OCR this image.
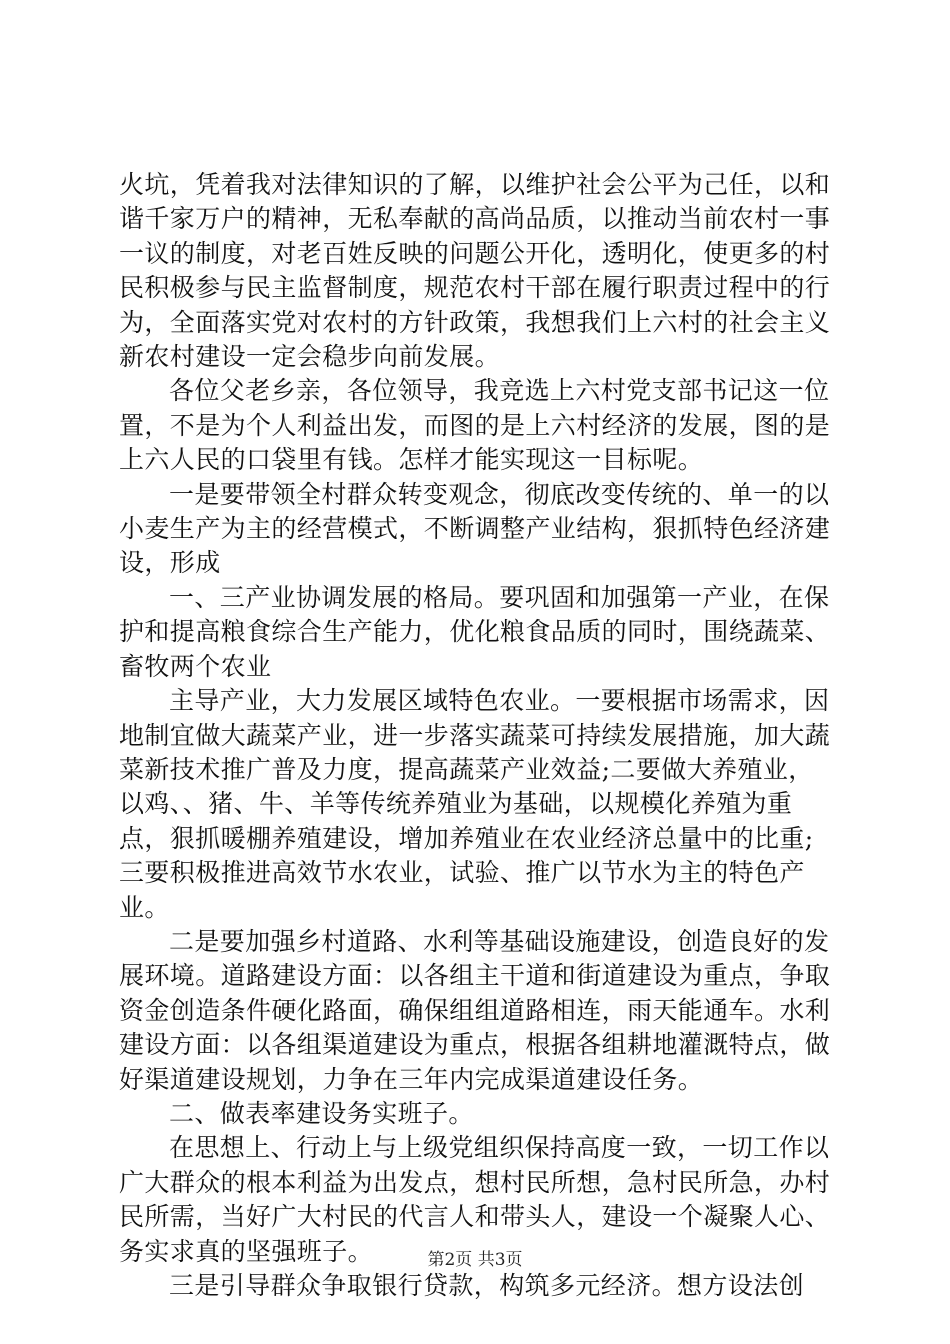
火坑，凭着我对法律知识的了解，以维护社会公平为己任，以和谐千家万户的精神，无私奉献的高尚品质，以推动当前农村一事一议的制度，对老百姓反映的问题公开化，透明化，使更多的村民积极参与民主监督制度，规范农村干部在履行职责过程中的行为，全面落实党对农村的方针政策，我想我们上六村的社会主义新农村建设一定会稳步向前发展。

各位父老乡亲，各位领导，我竞选上六村党支部书记这一位置，不是为个人利益出发，而图的是上六村经济的发展，图的是上六人民的口袋里有钱。怎样才能实现这一目标呢。

一是要带领全村群众转变观念，彻底改变传统的、单一的以小麦生产为主的经营模式，不断调整产业结构，狠抓特色经济建设，形成

一、三产业协调发展的格局。要巩固和加强第一产业，在保护和提高粮食综合生产能力，优化粮食品质的同时，围绕蔬菜、畜牧两个农业

主导产业，大力发展区域特色农业。一要根据市场需求，因地制宜做大蔬菜产业，进一步落实蔬菜可持续发展措施，加大蔬菜新技术推广普及力度，提高蔬菜产业效益;二要做大养殖业，以鸡、、猪、牛、羊等传统养殖业为基础，以规模化养殖为重点，狠抓暖棚养殖建设，增加养殖业在农业经济总量中的比重;三要积极推进高效节水农业，试验、推广以节水为主的特色产业。

二是要加强乡村道路、水利等基础设施建设，创造良好的发展环境。道路建设方面：以各组主干道和街道建设为重点，争取资金创造条件硬化路面，确保组组道路相连，雨天能通车。水利建设方面：以各组渠道建设为重点，根据各组耕地灌溉特点，做好渠道建设规划，力争在三年内完成渠道建设任务。

二、做表率建设务实班子。

在思想上、行动上与上级党组织保持高度一致，一切工作以广大群众的根本利益为出发点，想村民所想，急村民所急，办村民所需，当好广大村民的代言人和带头人，建设一个凝聚人心、务实求真的坚强班子。

三是引导群众争取银行贷款，构筑多元经济。想方设法创

第2页 共3页
